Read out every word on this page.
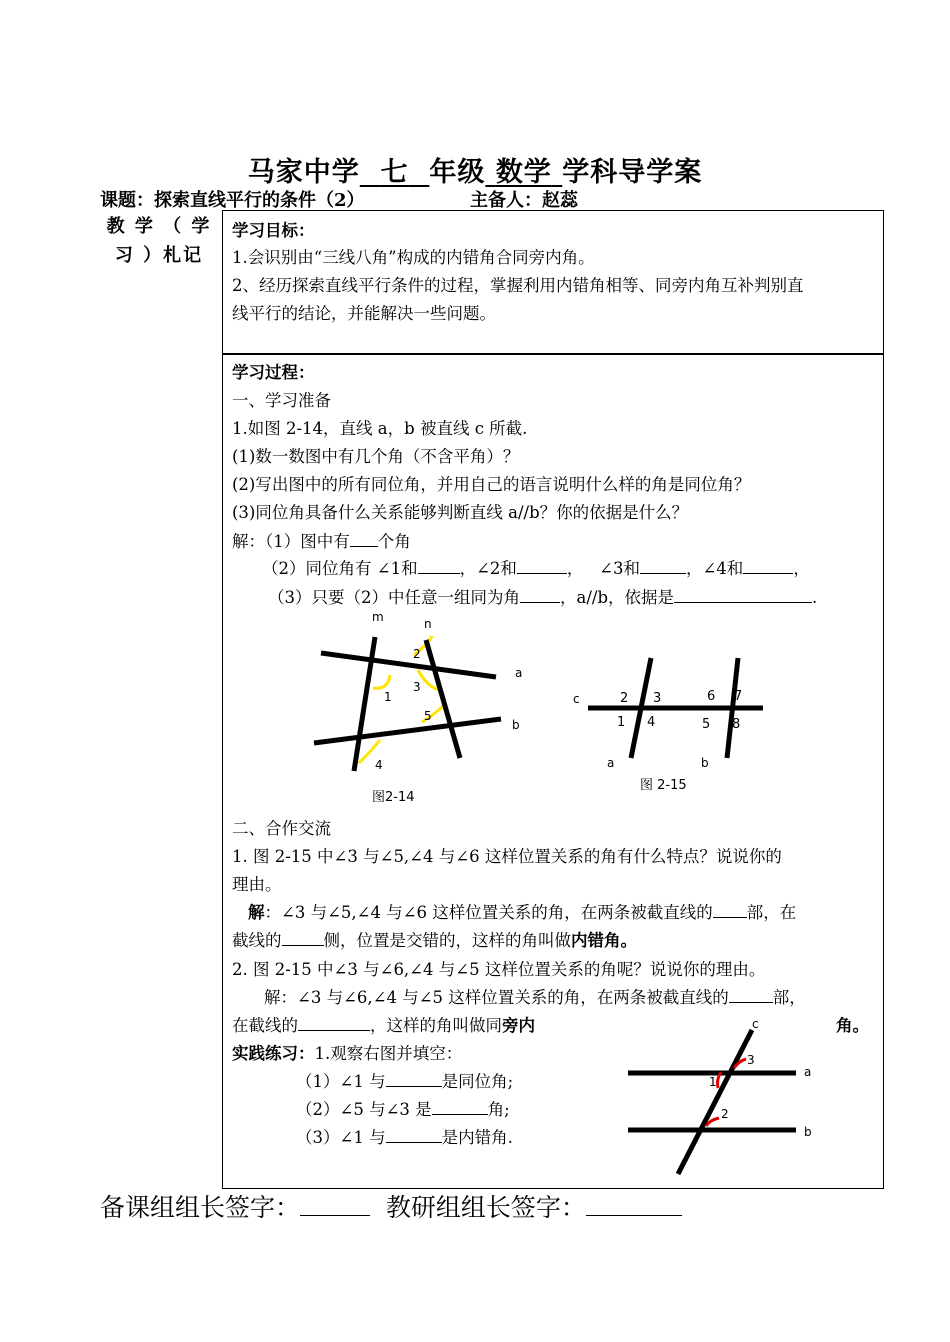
马家中学 七 年级 数学 学科导学案
课题：探索直线平行的条件（2）	主备人：赵蕊
教 学 （ 学 习 ）札记
学习目标：
1.会识别由“三线八角”构成的内错角合同旁内角。
2、经历探索直线平行条件的过程，掌握利用内错角相等、同旁内角互补判别直
线平行的结论，并能解决一些问题。
学习过程：
一、学习准备
1.如图 2-14，直线 a，b 被直线 c 所截.
(1)数一数图中有几个角（不含平角）？
(2)写出图中的所有同位角，并用自己的语言说明什么样的角是同位角？
(3)同位角具备什么关系能够判断直线 a//b？你的依据是什么？
解：（1）图中有 个角
（2）同位角有 ∠1和	，∠2和	， ∠3和	，∠4和	，
（3）只要（2）中任意一组同为角 ，a//b，依据是	.
m	n
a
b
1
2
3
4
5
图2-14
c
a	b
2 3
1 4
6 7
5 8
图 2-15
二、合作交流
1. 图 2-15 中∠3 与∠5,∠4 与∠6 这样位置关系的角有什么特点？说说你的
理由。
解：∠3 与∠5,∠4 与∠6 这样位置关系的角，在两条被截直线的 部，在
截线的	侧，位置是交错的，这样的角叫做内错角。
2. 图 2-15 中∠3 与∠6,∠4 与∠5 这样位置关系的角呢？说说你的理由。
解：∠3 与∠6,∠4 与∠5 这样位置关系的角，在两条被截直线的	部，
在截线的	，这样的角叫做同旁内	角。
实践练习：1.观察右图并填空：
（1）∠1 与	是同位角;
（2）∠5 与∠3 是	角;
（3）∠1 与	是内错角.
c
a
b
3
1
2
备课组组长签字：	教研组组长签字：
